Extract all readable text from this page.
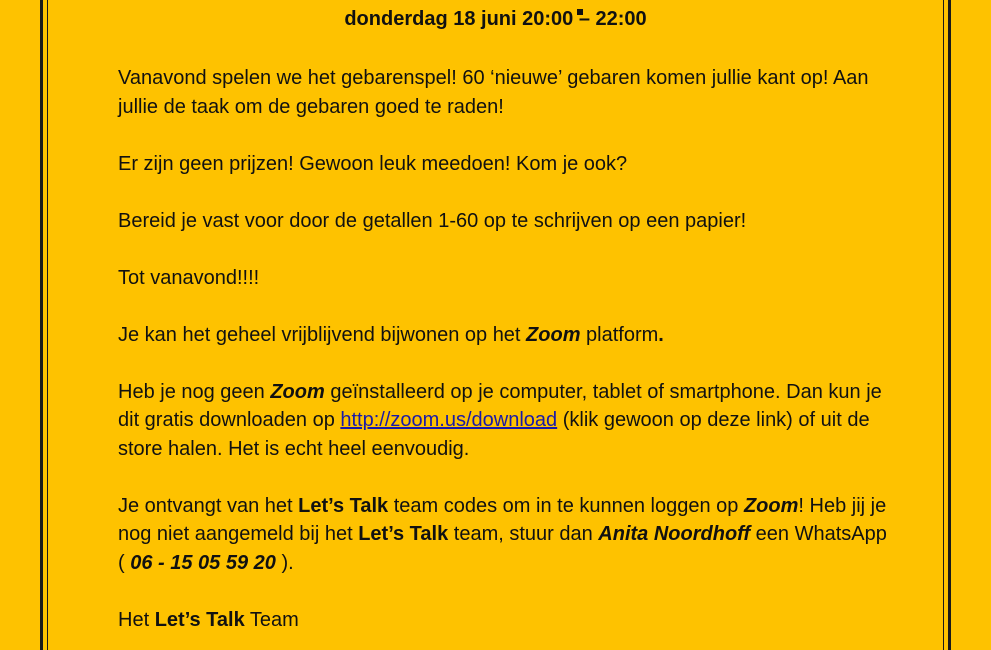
donderdag 18 juni 20:00 – 22:00

Vanavond spelen we het gebarenspel! 60 ‘nieuwe’ gebaren komen jullie kant op! Aan jullie de taak om de gebaren goed te raden!

Er zijn geen prijzen! Gewoon leuk meedoen! Kom je ook?

Bereid je vast voor door de getallen 1-60 op te schrijven op een papier!

Tot vanavond!!!!

Je kan het geheel vrijblijvend bijwonen op het Zoom platform.

Heb je nog geen Zoom geïnstalleerd op je computer, tablet of smartphone. Dan kun je dit gratis downloaden op http://zoom.us/download (klik gewoon op deze link) of uit de store halen. Het is echt heel eenvoudig.

Je ontvangt van het Let’s Talk team codes om in te kunnen loggen op Zoom! Heb jij je nog niet aangemeld bij het Let’s Talk team, stuur dan Anita Noordhoff een WhatsApp ( 06 - 15 05 59 20 ).

Het Let’s Talk Team
